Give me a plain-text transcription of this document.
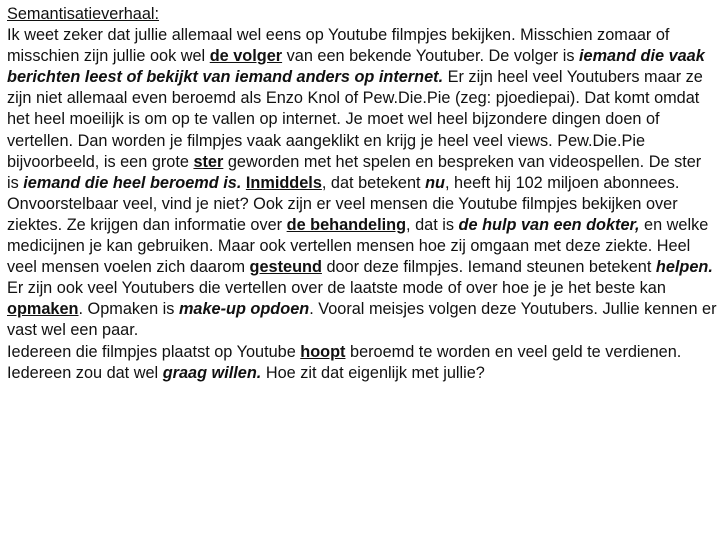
Semantisatieverhaal:

Ik weet zeker dat jullie allemaal wel eens op Youtube filmpjes bekijken. Misschien zomaar of misschien zijn jullie ook wel de volger van een bekende Youtuber. De volger is iemand die vaak berichten leest of bekijkt van iemand anders op internet. Er zijn heel veel Youtubers maar ze zijn niet allemaal even beroemd als Enzo Knol of Pew.Die.Pie (zeg: pjoediepai). Dat komt omdat het heel moeilijk is om op te vallen op internet. Je moet wel heel bijzondere dingen doen of vertellen. Dan worden je filmpjes vaak aangeklikt en krijg je heel veel views. Pew.Die.Pie bijvoorbeeld, is een grote ster geworden met het spelen en bespreken van videospellen. De ster is iemand die heel beroemd is. Inmiddels, dat betekent nu, heeft hij 102 miljoen abonnees. Onvoorstelbaar veel, vind je niet? Ook zijn er veel mensen die Youtube filmpjes bekijken over ziektes. Ze krijgen dan informatie over de behandeling, dat is de hulp van een dokter, en welke medicijnen je kan gebruiken. Maar ook vertellen mensen hoe zij omgaan met deze ziekte. Heel veel mensen voelen zich daarom gesteund door deze filmpjes. Iemand steunen betekent helpen.

Er zijn ook veel Youtubers die vertellen over de laatste mode of over hoe je je het beste kan opmaken. Opmaken is make-up opdoen. Vooral meisjes volgen deze Youtubers. Jullie kennen er vast wel een paar.

Iedereen die filmpjes plaatst op Youtube hoopt beroemd te worden en veel geld te verdienen. Iedereen zou dat wel graag willen. Hoe zit dat eigenlijk met jullie?
